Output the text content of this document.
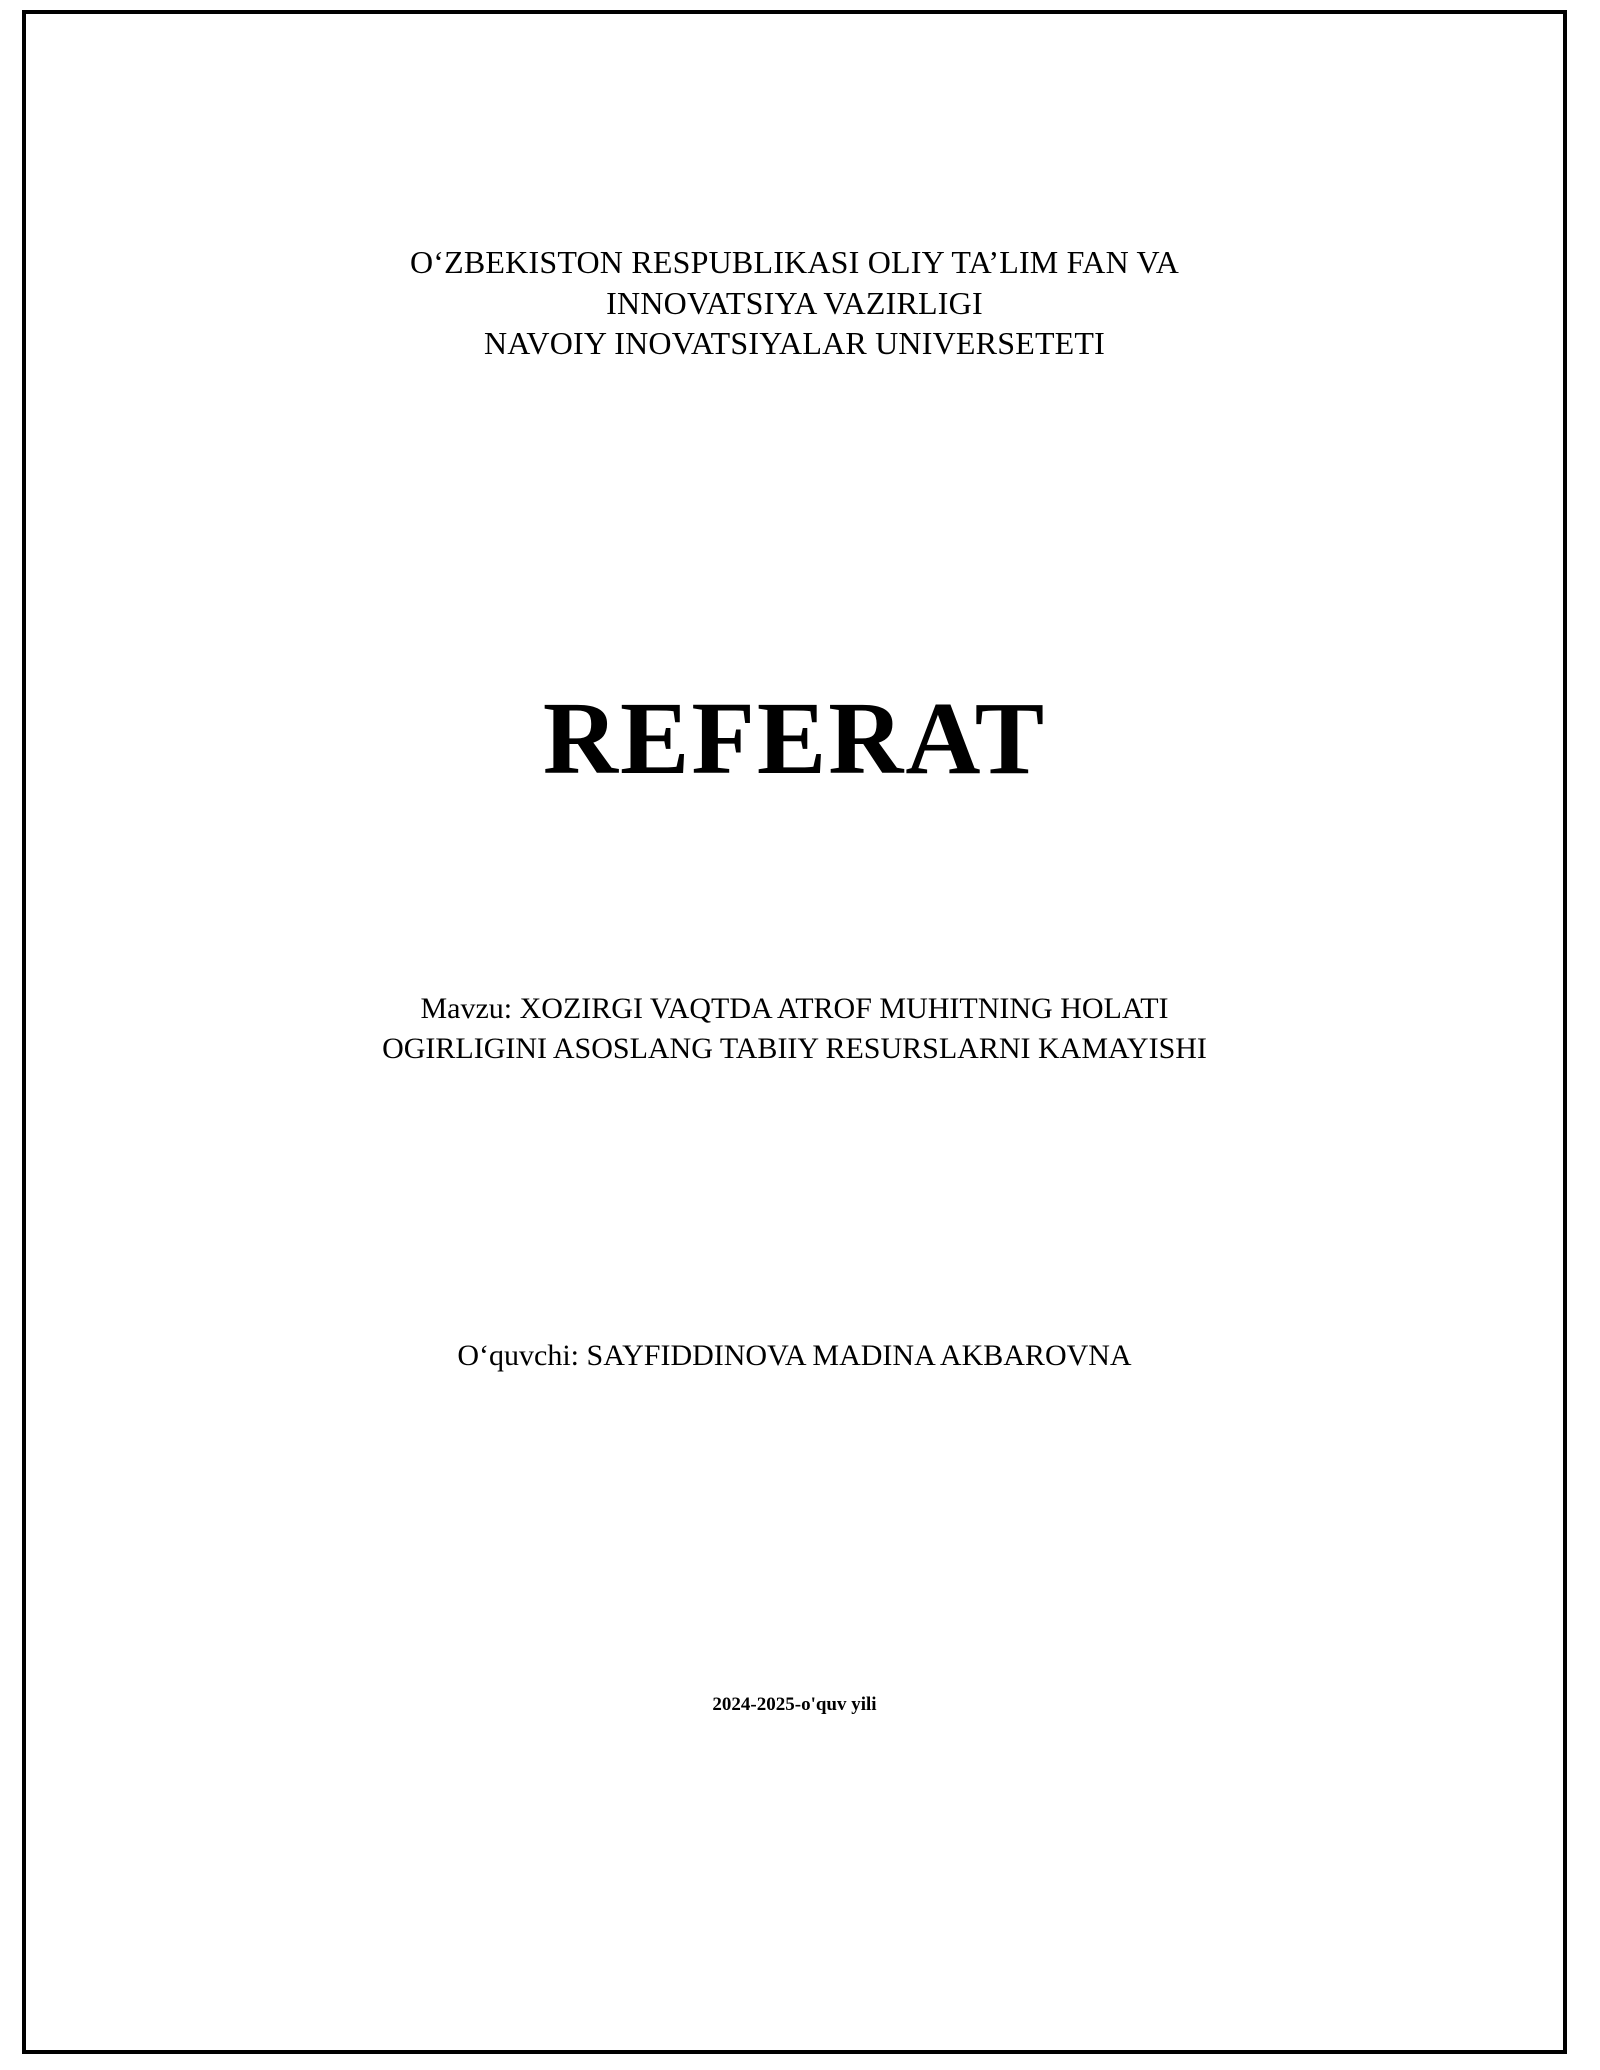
O‘ZBEKISTON RESPUBLIKASI OLIY TA’LIM FAN VA
INNOVATSIYA VAZIRLIGI
NAVOIY INOVATSIYALAR UNIVERSETETI
REFERAT
Mavzu: XOZIRGI VAQTDA ATROF MUHITNING HOLATI
OGIRLIGINI ASOSLANG TABIIY RESURSLARNI KAMAYISHI
O‘quvchi: SAYFIDDINOVA MADINA AKBAROVNA
2024-2025-o'quv yili
